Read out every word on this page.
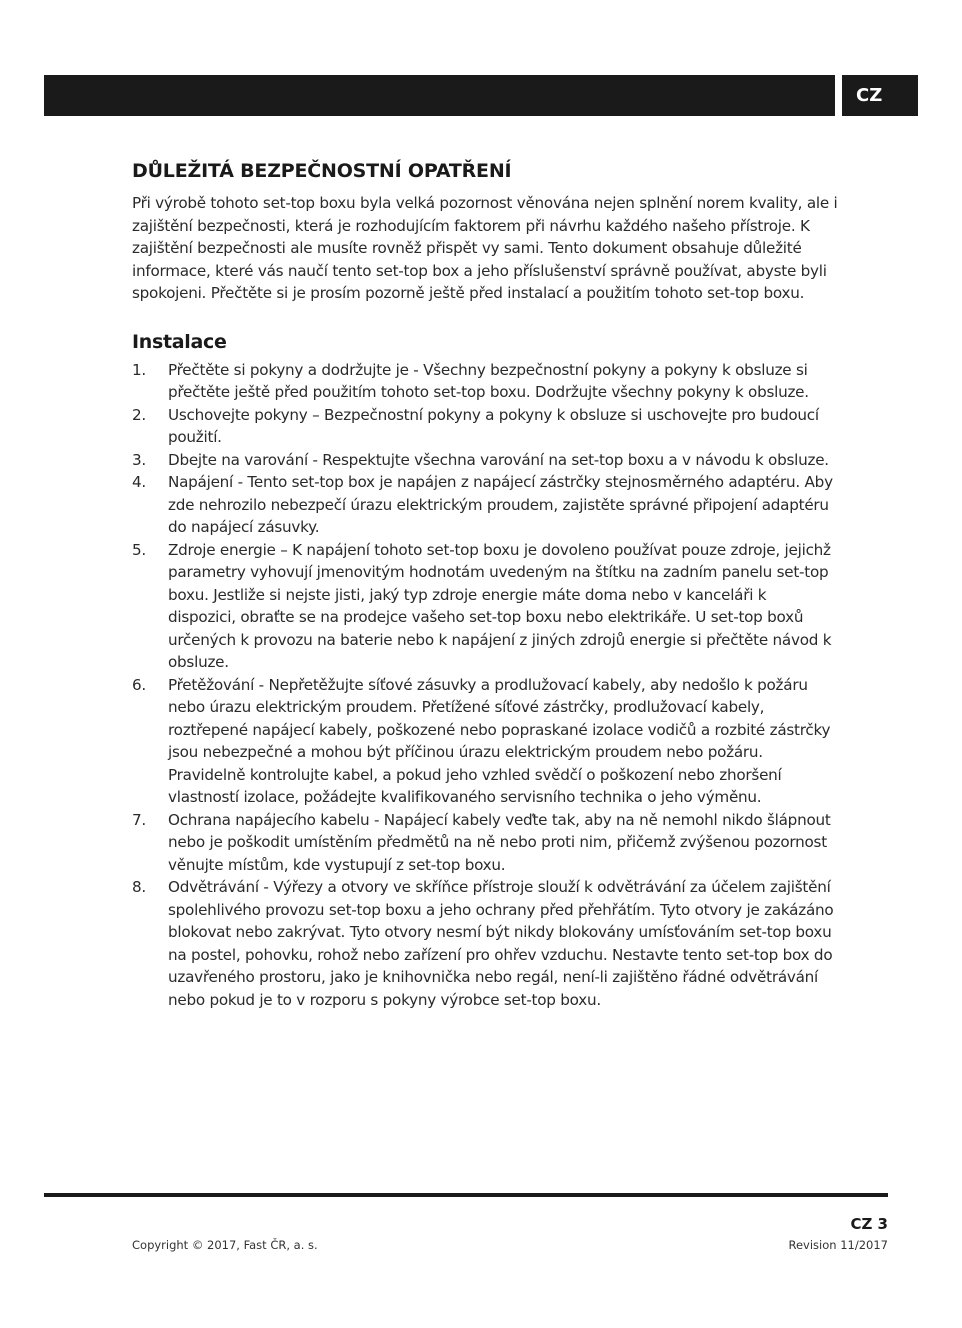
CZ
DŮLEŽITÁ BEZPEČNOSTNÍ OPATŘENÍ

Při výrobě tohoto set-top boxu byla velká pozornost věnována nejen splnění norem kvality, ale i zajištění bezpečnosti, která je rozhodujícím faktorem při návrhu každého našeho přístroje. K zajištění bezpečnosti ale musíte rovněž přispět vy sami. Tento dokument obsahuje důležité informace, které vás naučí tento set-top box a jeho příslušenství správně používat, abyste byli spokojeni. Přečtěte si je prosím pozorně ještě před instalací a použitím tohoto set-top boxu.

Instalace
1. Přečtěte si pokyny a dodržujte je - Všechny bezpečnostní pokyny a pokyny k obsluze si přečtěte ještě před použitím tohoto set-top boxu. Dodržujte všechny pokyny k obsluze.
2. Uschovejte pokyny – Bezpečnostní pokyny a pokyny k obsluze si uschovejte pro budoucí použití.
3. Dbejte na varování - Respektujte všechna varování na set-top boxu a v návodu k obsluze.
4. Napájení - Tento set-top box je napájen z napájecí zástrčky stejnosměrného adaptéru. Aby zde nehrozilo nebezpečí úrazu elektrickým proudem, zajistěte správné připojení adaptéru do napájecí zásuvky.
5. Zdroje energie – K napájení tohoto set-top boxu je dovoleno používat pouze zdroje, jejichž parametry vyhovují jmenovitým hodnotám uvedeným na štítku na zadním panelu set-top boxu. Jestliže si nejste jisti, jaký typ zdroje energie máte doma nebo v kanceláři k dispozici, obraťte se na prodejce vašeho set-top boxu nebo elektrikáře. U set-top boxů určených k provozu na baterie nebo k napájení z jiných zdrojů energie si přečtěte návod k obsluze.
6. Přetěžování - Nepřetěžujte síťové zásuvky a prodlužovací kabely, aby nedošlo k požáru nebo úrazu elektrickým proudem. Přetížené síťové zástrčky, prodlužovací kabely, roztřepené napájecí kabely, poškozené nebo popraskané izolace vodičů a rozbité zástrčky jsou nebezpečné a mohou být příčinou úrazu elektrickým proudem nebo požáru. Pravidelně kontrolujte kabel, a pokud jeho vzhled svědčí o poškození nebo zhoršení vlastností izolace, požádejte kvalifikovaného servisního technika o jeho výměnu.
7. Ochrana napájecího kabelu - Napájecí kabely veďte tak, aby na ně nemohl nikdo šlápnout nebo je poškodit umístěním předmětů na ně nebo proti nim, přičemž zvýšenou pozornost věnujte místům, kde vystupují z set-top boxu.
8. Odvětrávání - Výřezy a otvory ve skříňce přístroje slouží k odvětrávání za účelem zajištění spolehlivého provozu set-top boxu a jeho ochrany před přehřátím. Tyto otvory je zakázáno blokovat nebo zakrývat. Tyto otvory nesmí být nikdy blokovány umísťováním set-top boxu na postel, pohovku, rohož nebo zařízení pro ohřev vzduchu. Nestavte tento set-top box do uzavřeného prostoru, jako je knihovnička nebo regál, není-li zajištěno řádné odvětrávání nebo pokud je to v rozporu s pokyny výrobce set-top boxu.
CZ 3
Copyright © 2017, Fast ČR, a. s.	Revision 11/2017
